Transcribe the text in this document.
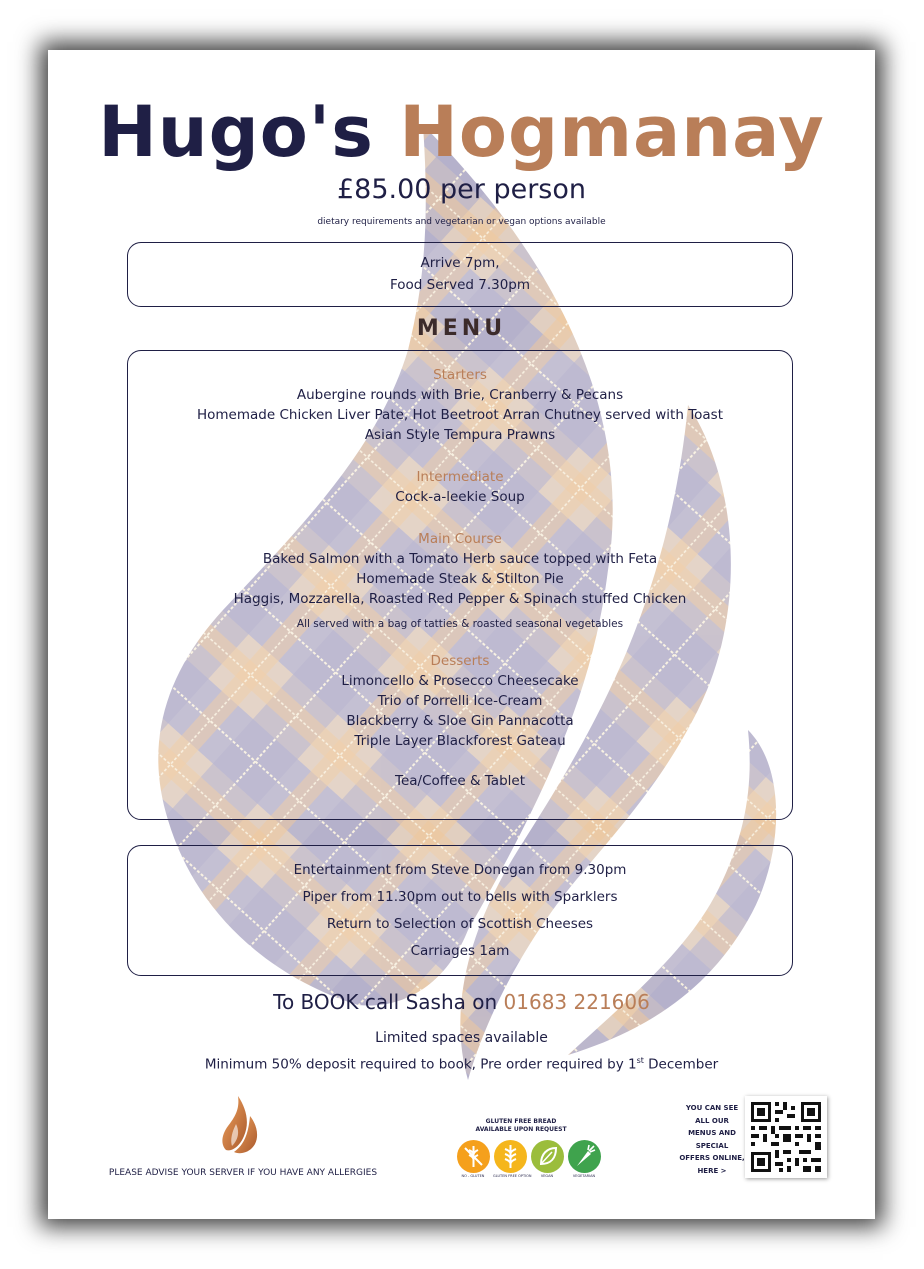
Hugo's Hogmanay
£85.00 per person
dietary requirements and vegetarian or vegan options available
Arrive 7pm,
Food Served 7.30pm
MENU
Starters
Aubergine rounds with Brie, Cranberry & Pecans
Homemade Chicken Liver Pate, Hot Beetroot Arran Chutney served with Toast
Asian Style Tempura Prawns
Intermediate
Cock-a-leekie Soup
Main Course
Baked Salmon with a Tomato Herb sauce topped with Feta
Homemade Steak & Stilton Pie
Haggis, Mozzarella, Roasted Red Pepper & Spinach stuffed Chicken
All served with a bag of tatties & roasted seasonal vegetables
Desserts
Limoncello & Prosecco Cheesecake
Trio of Porrelli Ice-Cream
Blackberry & Sloe Gin Pannacotta
Triple Layer Blackforest Gateau
Tea/Coffee & Tablet
Entertainment from Steve Donegan from 9.30pm
Piper from 11.30pm out to bells with Sparklers
Return to Selection of Scottish Cheeses
Carriages 1am
To BOOK call Sasha on 01683 221606
Limited spaces available
Minimum 50% deposit required to book, Pre order required by 1st December
PLEASE ADVISE YOUR SERVER IF YOU HAVE ANY ALLERGIES
GLUTEN FREE BREAD
AVAILABLE UPON REQUEST
NO - GLUTEN	GLUTEN FREE OPTION	VEGAN	VEGETARIAN
YOU CAN SEE
ALL OUR
MENUS AND
SPECIAL
OFFERS ONLINE,
HERE >
